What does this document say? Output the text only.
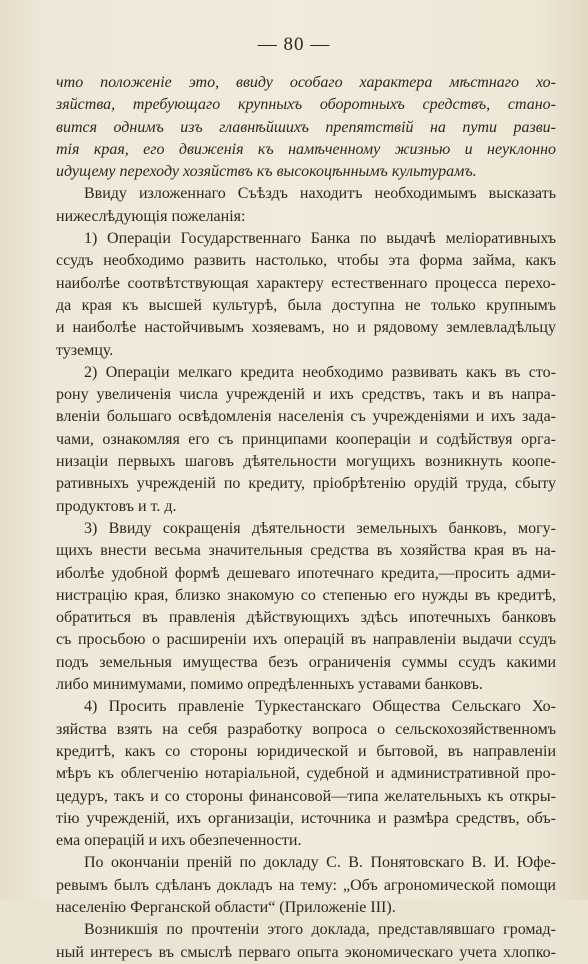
— 80 —
что положеніе это, ввиду особаго характера мѣстнаго хо-
зяйства, требующаго крупныхъ оборотныхъ средствъ, стано-
вится однимъ изъ главнѣйшихъ препятствій на пути разви-
тія края, его движенія къ намѣченному жизнью и неуклонно
идущему переходу хозяйствъ къ высокоцѣннымъ культурамъ.
Ввиду изложеннаго Съѣздъ находитъ необходимымъ высказать
нижеслѣдующія пожеланія:
1) Операціи Государственнаго Банка по выдачѣ меліоративныхъ
ссудъ необходимо развить настолько, чтобы эта форма займа, какъ
наиболѣе соотвѣтствующая характеру естественнаго процесса перехо-
да края къ высшей культурѣ, была доступна не только крупнымъ
и наиболѣе настойчивымъ хозяевамъ, но и рядовому землевладѣльцу
туземцу.
2) Операціи мелкаго кредита необходимо развивать какъ въ сто-
рону увеличенія числа учрежденій и ихъ средствъ, такъ и въ напра-
вленіи большаго освѣдомленія населенія съ учрежденіями и ихъ зада-
чами, ознакомляя его съ принципами коопераціи и содѣйствуя орга-
низаціи первыхъ шаговъ дѣятельности могущихъ возникнуть коопе-
ративныхъ учрежденій по кредиту, пріобрѣтенію орудій труда, сбыту
продуктовъ и т. д.
3) Ввиду сокращенія дѣятельности земельныхъ банковъ, могу-
щихъ внести весьма значительныя средства въ хозяйства края въ на-
иболѣе удобной формѣ дешеваго ипотечнаго кредита,—просить адми-
нистрацію края, близко знакомую со степенью его нужды въ кредитѣ,
обратиться въ правленія дѣйствующихъ здѣсь ипотечныхъ банковъ
съ просьбою о расширеніи ихъ операцій въ направленіи выдачи ссудъ
подъ земельныя имущества безъ ограниченія суммы ссудъ какими
либо минимумами, помимо опредѣленныхъ уставами банковъ.
4) Просить правленіе Туркестанскаго Общества Сельскаго Хо-
зяйства взять на себя разработку вопроса о сельскохозяйственномъ
кредитѣ, какъ со стороны юридической и бытовой, въ направленіи
мѣръ къ облегченію нотаріальной, судебной и административной про-
цедуръ, такъ и со стороны финансовой—типа желательныхъ къ откры-
тію учрежденій, ихъ организаціи, источника и размѣра средствъ, объ-
ема операцій и ихъ обезпеченности.
По окончаніи преній по докладу С. В. Понятовскаго В. И. Юфе-
ревымъ былъ сдѣланъ докладъ на тему: „Объ агрономической помощи
населенію Ферганской области“ (Приложеніе III).
Возникшія по прочтеніи этого доклада, представлявшаго громад-
ный интересъ въ смыслѣ перваго опыта экономическаго учета хлопко-
